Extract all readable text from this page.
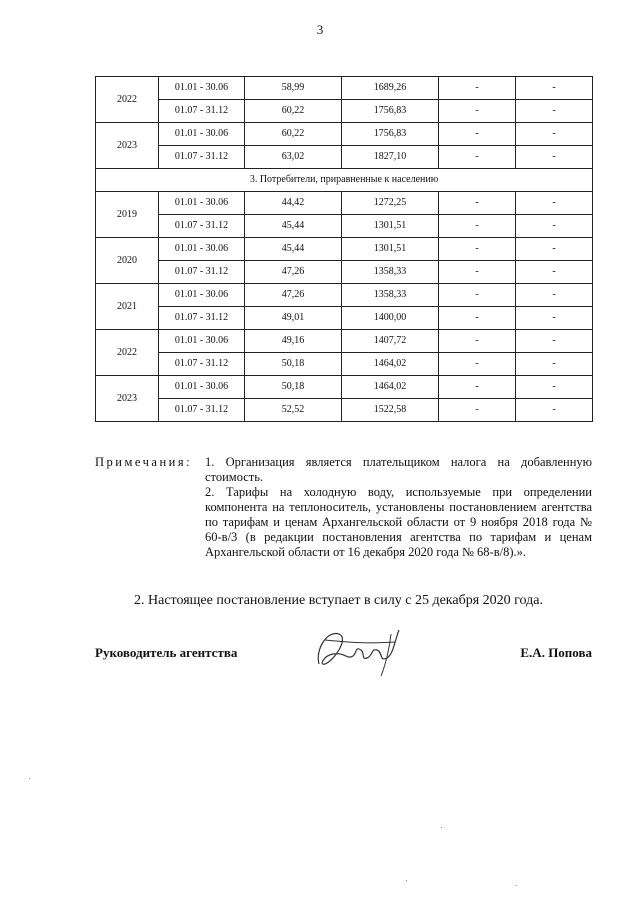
3
2022	01.01 - 30.06	58,99	1689,26	-	-
	01.07 - 31.12	60,22	1756,83	-	-
2023	01.01 - 30.06	60,22	1756,83	-	-
	01.07 - 31.12	63,02	1827,10	-	-
3. Потребители, приравненные к населению					
2019	01.01 - 30.06	44,42	1272,25	-	-
	01.07 - 31.12	45,44	1301,51	-	-
2020	01.01 - 30.06	45,44	1301,51	-	-
	01.07 - 31.12	47,26	1358,33	-	-
2021	01.01 - 30.06	47,26	1358,33	-	-
	01.07 - 31.12	49,01	1400,00	-	-
2022	01.01 - 30.06	49,16	1407,72	-	-
	01.07 - 31.12	50,18	1464,02	-	-
2023	01.01 - 30.06	50,18	1464,02	-	-
	01.07 - 31.12	52,52	1522,58	-	-
Примечания: 1. Организация является плательщиком налога на добавленную стоимость.
2. Тарифы на холодную воду, используемые при определении компонента на теплоноситель, установлены постановлением агентства по тарифам и ценам Архангельской области от 9 ноября 2018 года № 60-в/3 (в редакции постановления агентства по тарифам и ценам Архангельской области от 16 декабря 2020 года № 68-в/8).».
2. Настоящее постановление вступает в силу с 25 декабря 2020 года.
Руководитель агентства	Е.А. Попова
